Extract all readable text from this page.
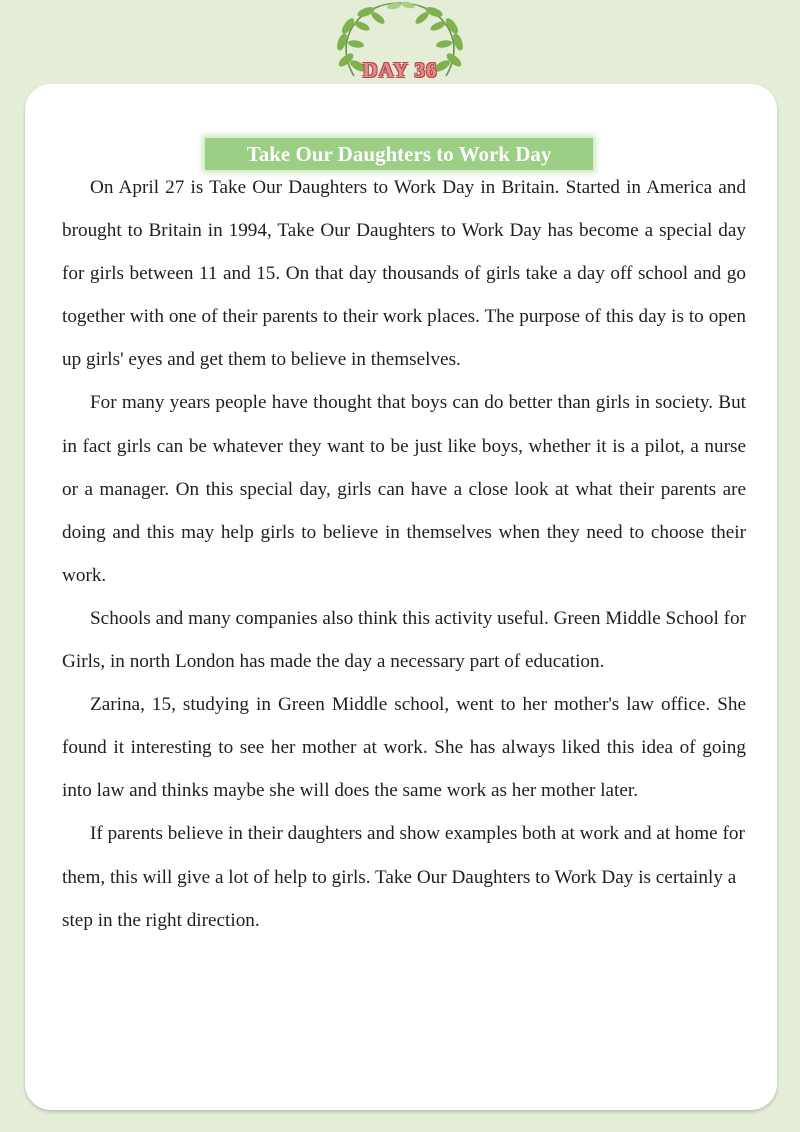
DAY 36
Take Our Daughters to Work Day

On April 27 is Take Our Daughters to Work Day in Britain. Started in America and brought to Britain in 1994, Take Our Daughters to Work Day has become a special day for girls between 11 and 15. On that day thousands of girls take a day off school and go together with one of their parents to their work places. The purpose of this day is to open up girls' eyes and get them to believe in themselves.

For many years people have thought that boys can do better than girls in society. But in fact girls can be whatever they want to be just like boys, whether it is a pilot, a nurse or a manager. On this special day, girls can have a close look at what their parents are doing and this may help girls to believe in themselves when they need to choose their work.

Schools and many companies also think this activity useful. Green Middle School for Girls, in north London has made the day a necessary part of education.

Zarina, 15, studying in Green Middle school, went to her mother's law office. She found it interesting to see her mother at work. She has always liked this idea of going into law and thinks maybe she will does the same work as her mother later.

If parents believe in their daughters and show examples both at work and at home for them, this will give a lot of help to girls. Take Our Daughters to Work Day is certainly a step in the right direction.
